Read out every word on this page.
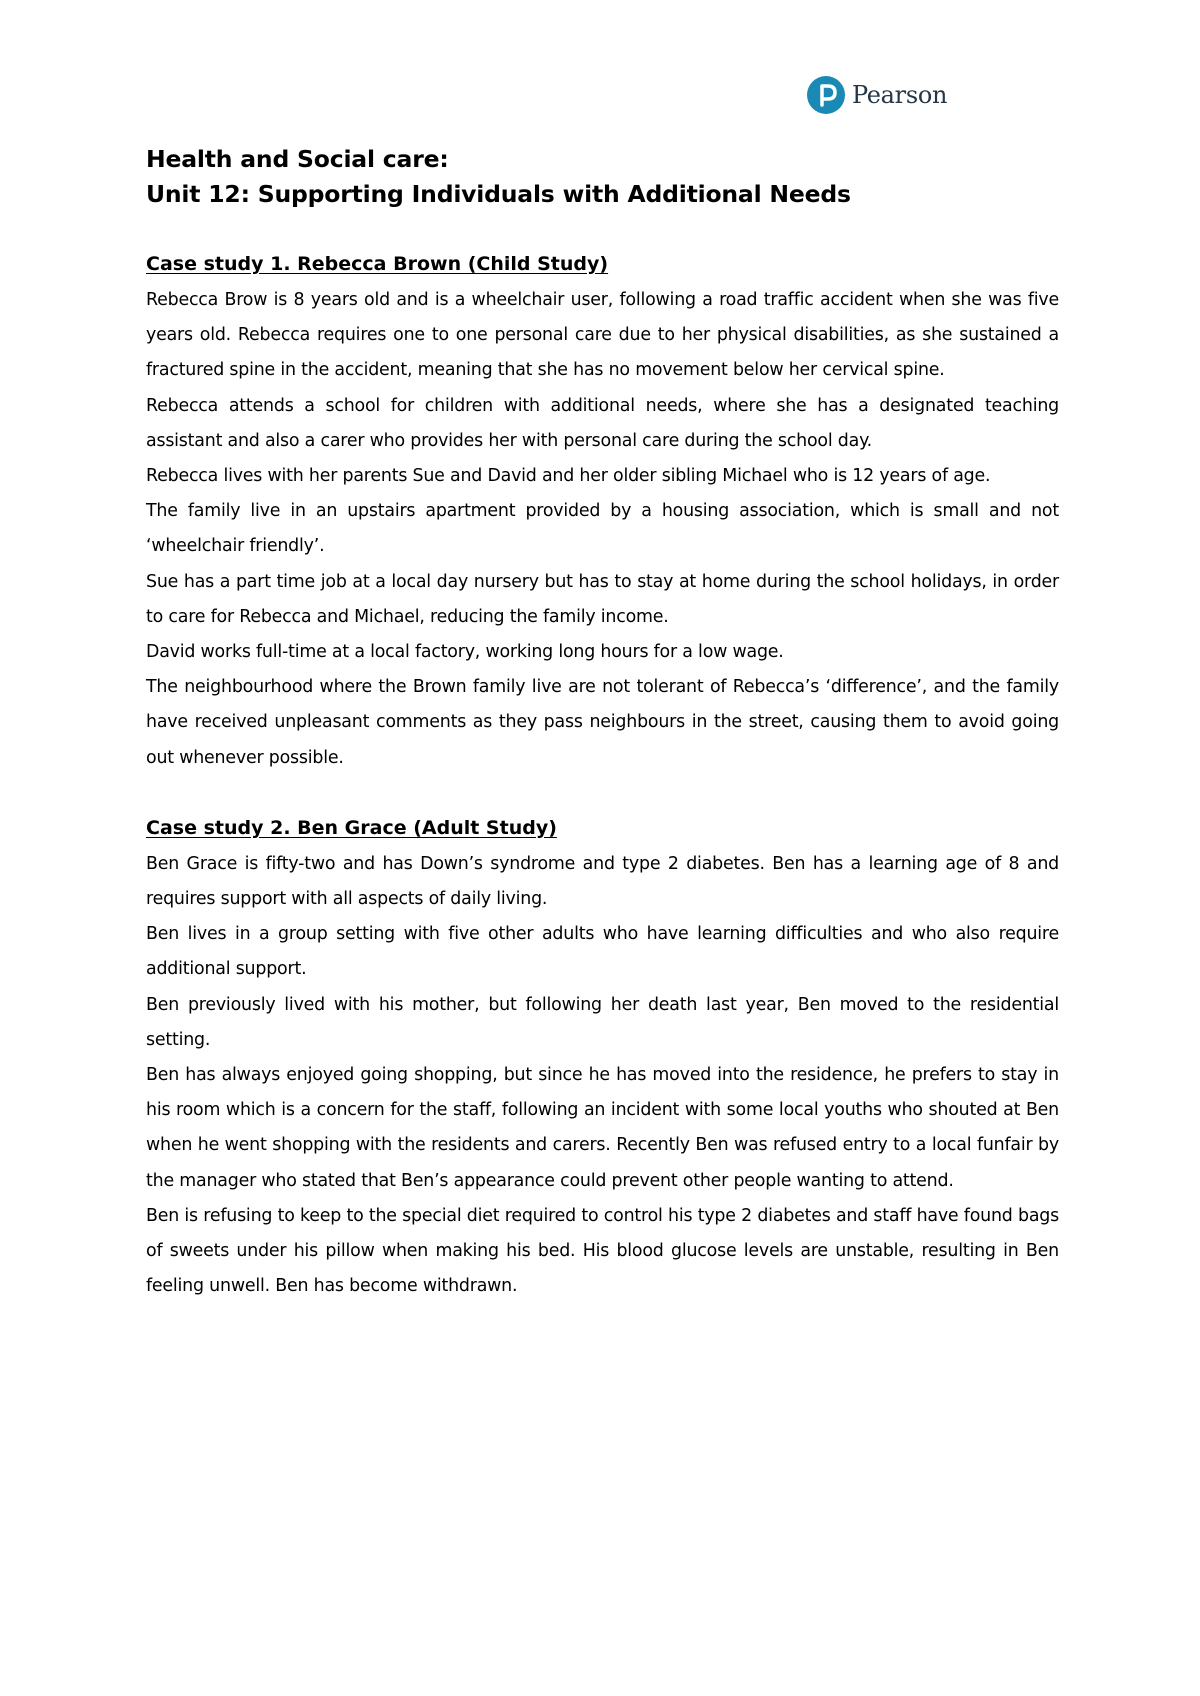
Pearson
Health and Social care:
Unit 12: Supporting Individuals with Additional Needs
Case study 1. Rebecca Brown (Child Study)

Rebecca Brow is 8 years old and is a wheelchair user, following a road traffic accident when she was five years old. Rebecca requires one to one personal care due to her physical disabilities, as she sustained a fractured spine in the accident, meaning that she has no movement below her cervical spine.

Rebecca attends a school for children with additional needs, where she has a designated teaching assistant and also a carer who provides her with personal care during the school day.

Rebecca lives with her parents Sue and David and her older sibling Michael who is 12 years of age.

The family live in an upstairs apartment provided by a housing association, which is small and not ‘wheelchair friendly’.

Sue has a part time job at a local day nursery but has to stay at home during the school holidays, in order to care for Rebecca and Michael, reducing the family income.

David works full-time at a local factory, working long hours for a low wage.

The neighbourhood where the Brown family live are not tolerant of Rebecca’s ‘difference’, and the family have received unpleasant comments as they pass neighbours in the street, causing them to avoid going out whenever possible.

Case study 2. Ben Grace (Adult Study)

Ben Grace is fifty-two and has Down’s syndrome and type 2 diabetes. Ben has a learning age of 8 and requires support with all aspects of daily living.

Ben lives in a group setting with five other adults who have learning difficulties and who also require additional support.

Ben previously lived with his mother, but following her death last year, Ben moved to the residential setting.

Ben has always enjoyed going shopping, but since he has moved into the residence, he prefers to stay in his room which is a concern for the staff, following an incident with some local youths who shouted at Ben when he went shopping with the residents and carers. Recently Ben was refused entry to a local funfair by the manager who stated that Ben’s appearance could prevent other people wanting to attend.

Ben is refusing to keep to the special diet required to control his type 2 diabetes and staff have found bags of sweets under his pillow when making his bed. His blood glucose levels are unstable, resulting in Ben feeling unwell. Ben has become withdrawn.
